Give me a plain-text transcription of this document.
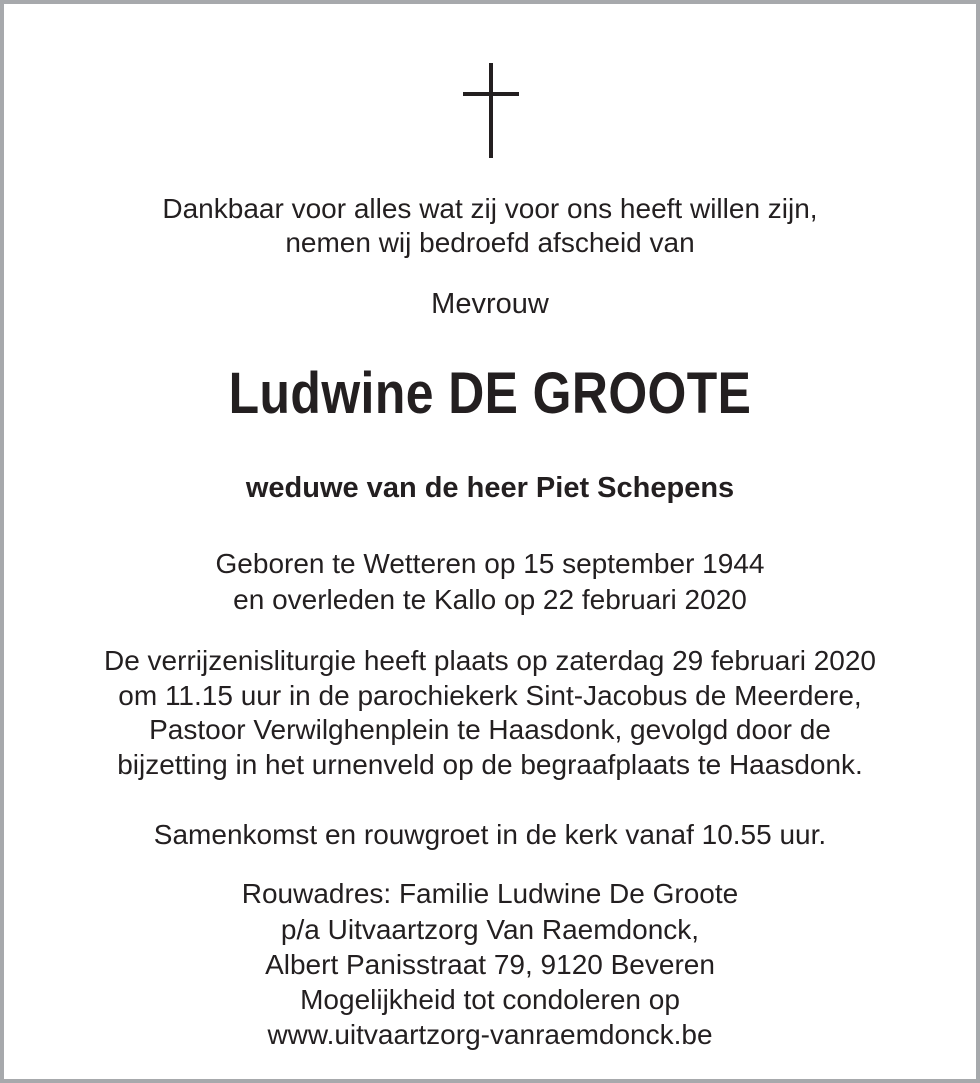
Dankbaar voor alles wat zij voor ons heeft willen zijn,

nemen wij bedroefd afscheid van

Mevrouw

Ludwine DE GROOTE

weduwe van de heer Piet Schepens

Geboren te Wetteren op 15 september 1944

en overleden te Kallo op 22 februari 2020

De verrijzenisliturgie heeft plaats op zaterdag 29 februari 2020

om 11.15 uur in de parochiekerk Sint-Jacobus de Meerdere,

Pastoor Verwilghenplein te Haasdonk, gevolgd door de

bijzetting in het urnenveld op de begraafplaats te Haasdonk.

Samenkomst en rouwgroet in de kerk vanaf 10.55 uur.

Rouwadres: Familie Ludwine De Groote

p/a Uitvaartzorg Van Raemdonck,

Albert Panisstraat 79, 9120 Beveren

Mogelijkheid tot condoleren op

www.uitvaartzorg-vanraemdonck.be
